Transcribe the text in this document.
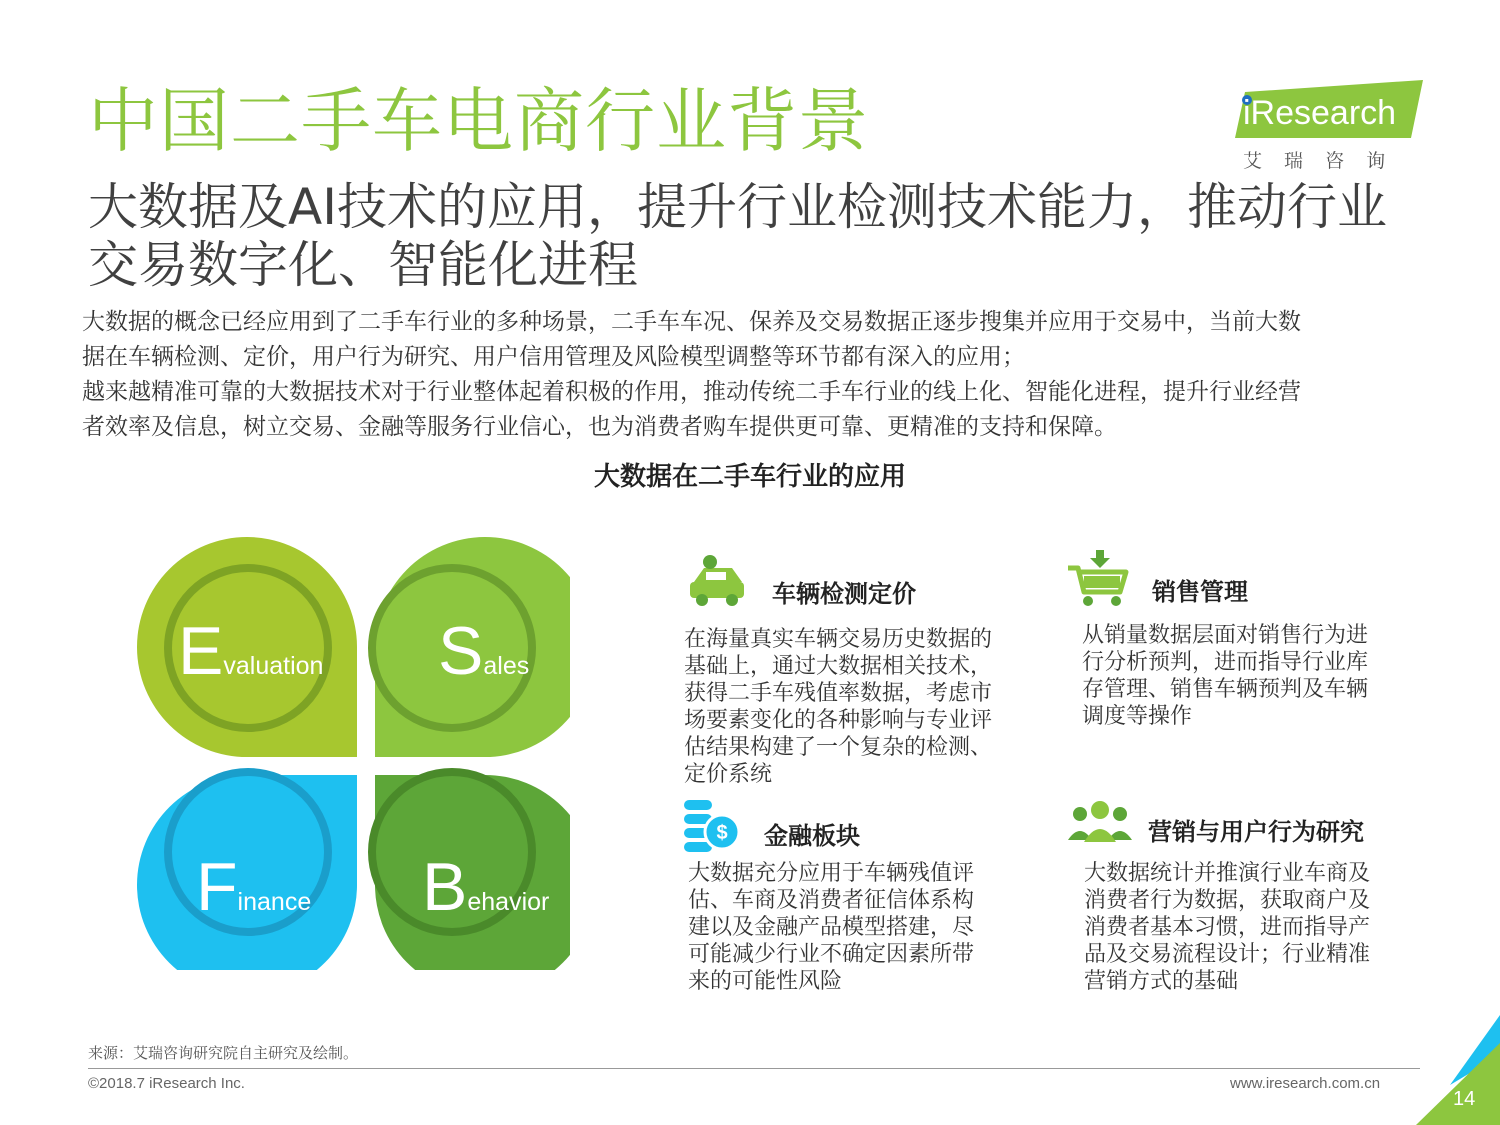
iResearch
艾 瑞 咨 询
中国二手车电商行业背景
大数据及AI技术的应用，提升行业检测技术能力，推动行业
交易数字化、智能化进程
大数据的概念已经应用到了二手车行业的多种场景，二手车车况、保养及交易数据正逐步搜集并应用于交易中，当前大数
据在车辆检测、定价，用户行为研究、用户信用管理及风险模型调整等环节都有深入的应用；
越来越精准可靠的大数据技术对于行业整体起着积极的作用，推动传统二手车行业的线上化、智能化进程，提升行业经营
者效率及信息，树立交易、金融等服务行业信心，也为消费者购车提供更可靠、更精准的支持和保障。
大数据在二手车行业的应用
Evaluation Sales
Finance Behavior
车辆检测定价
在海量真实车辆交易历史数据的
基础上，通过大数据相关技术，
获得二手车残值率数据，考虑市
场要素变化的各种影响与专业评
估结果构建了一个复杂的检测、
定价系统
销售管理
从销量数据层面对销售行为进
行分析预判，进而指导行业库
存管理、销售车辆预判及车辆
调度等操作
$ 金融板块
大数据充分应用于车辆残值评
估、车商及消费者征信体系构
建以及金融产品模型搭建，尽
可能减少行业不确定因素所带
来的可能性风险
营销与用户行为研究
大数据统计并推演行业车商及
消费者行为数据，获取商户及
消费者基本习惯，进而指导产
品及交易流程设计；行业精准
营销方式的基础
来源：艾瑞咨询研究院自主研究及绘制。
©2018.7 iResearch Inc.	www.iresearch.com.cn
14
